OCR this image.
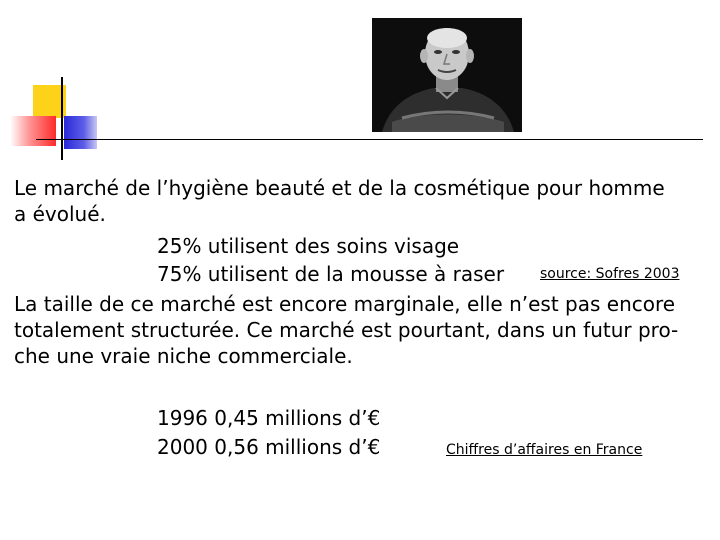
Le marché de l’hygiène beauté et de la cosmétique pour homme
a évolué.
25% utilisent des soins visage
75% utilisent de la mousse à raser	source: Sofres 2003
La taille de ce marché est encore marginale, elle n’est pas encore
totalement structurée. Ce marché est pourtant, dans un futur pro-
che une vraie niche commerciale.
1996 0,45 millions d’€
2000 0,56 millions d’€	Chiffres d’affaires en France
